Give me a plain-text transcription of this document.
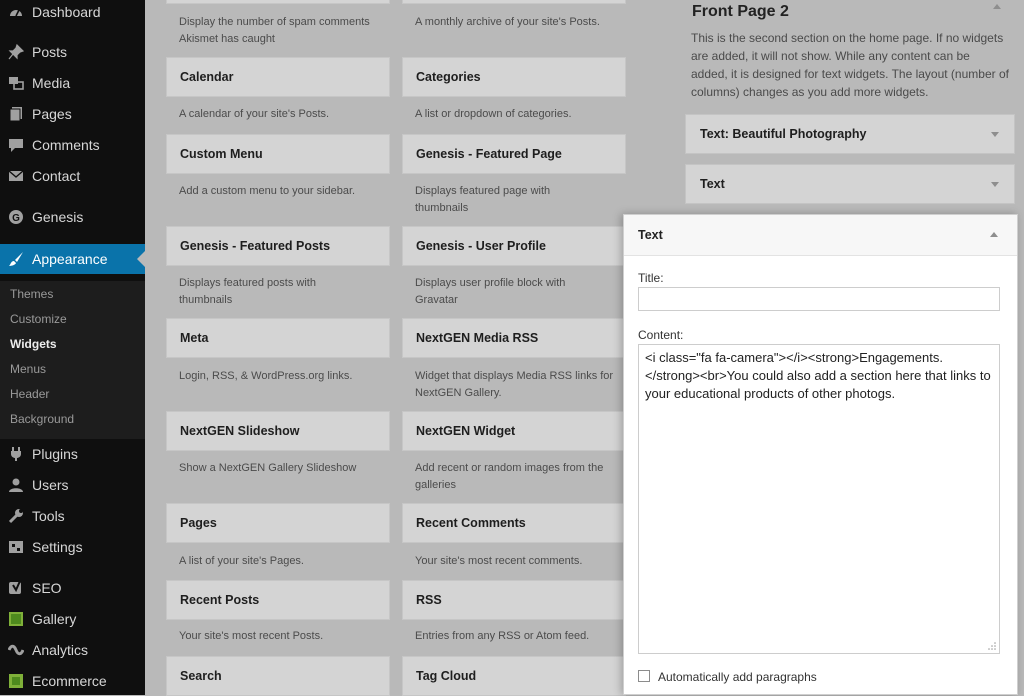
Dashboard
Posts
Media
Pages
Comments
Contact
G Genesis
Appearance
Themes
Customize
Widgets
Menus
Header
Background
Plugins
Users
Tools
Settings
SEO
Gallery
Analytics
Ecommerce
Display the number of spam comments Akismet has caught
A monthly archive of your site's Posts.
Calendar	Categories
A calendar of your site's Posts.	A list or dropdown of categories.
Custom Menu	Genesis - Featured Page
Add a custom menu to your sidebar.	Displays featured page with thumbnails
Genesis - Featured Posts	Genesis - User Profile
Displays featured posts with thumbnails
Displays user profile block with Gravatar
Meta	NextGEN Media RSS
Login, RSS, & WordPress.org links.	Widget that displays Media RSS links for NextGEN Gallery.
NextGEN Slideshow	NextGEN Widget
Show a NextGEN Gallery Slideshow	Add recent or random images from the galleries
Pages	Recent Comments
A list of your site's Pages.	Your site's most recent comments.
Recent Posts	RSS
Your site's most recent Posts.	Entries from any RSS or Atom feed.
Search	Tag Cloud
Front Page 2
This is the second section on the home page. If no widgets are added, it will not show. While any content can be added, it is designed for text widgets. The layout (number of columns) changes as you add more widgets.
Text: Beautiful Photography
Text
Text
Title:
Content:
<i class="fa fa-camera"></i><strong>Engagements.</strong><br>You could also add a section here that links to your educational products of other photogs.
Automatically add paragraphs
